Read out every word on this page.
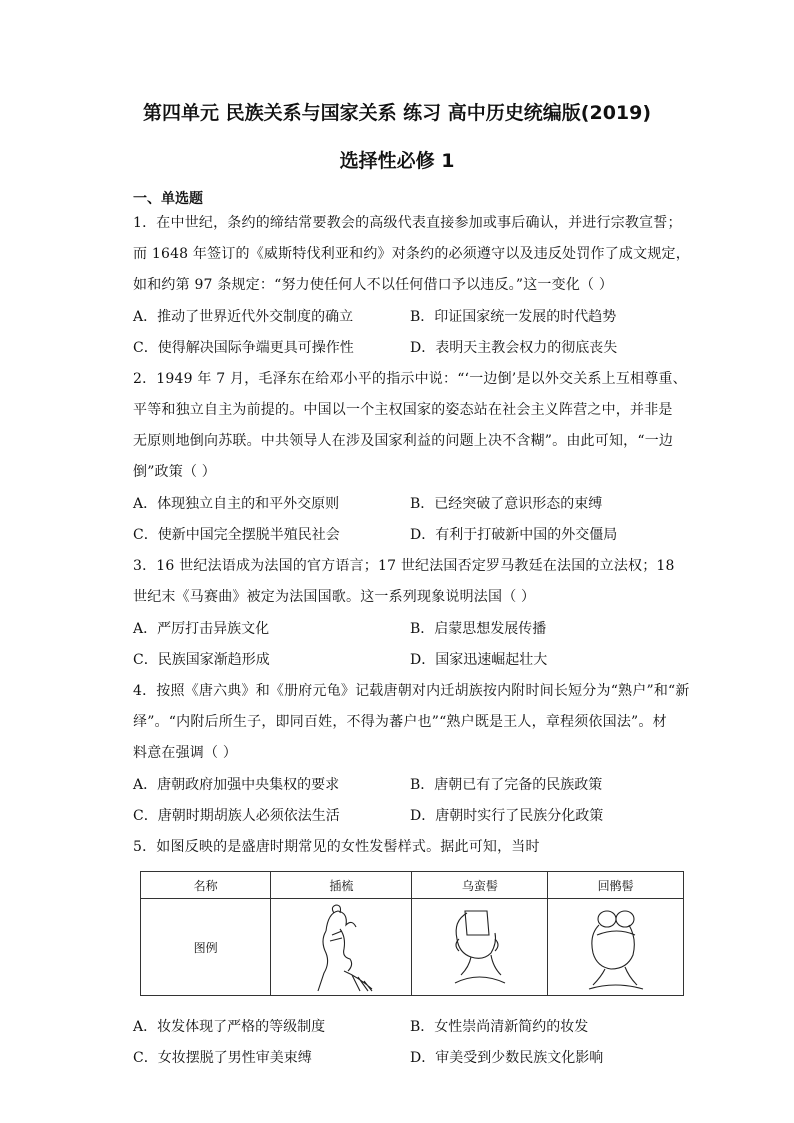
第四单元 民族关系与国家关系 练习 高中历史统编版(2019)
选择性必修 1
一、单选题
1．在中世纪，条约的缔结常要教会的高级代表直接参加或事后确认，并进行宗教宣誓；
而 1648 年签订的《威斯特伐利亚和约》对条约的必须遵守以及违反处罚作了成文规定，
如和约第 97 条规定：“努力使任何人不以任何借口予以违反。”这一变化（ ）
A．推动了世界近代外交制度的确立	B．印证国家统一发展的时代趋势
C．使得解决国际争端更具可操作性	D．表明天主教会权力的彻底丧失
2．1949 年 7 月，毛泽东在给邓小平的指示中说：“‘一边倒’是以外交关系上互相尊重、
平等和独立自主为前提的。中国以一个主权国家的姿态站在社会主义阵营之中，并非是
无原则地倒向苏联。中共领导人在涉及国家利益的问题上决不含糊”。由此可知，“一边
倒”政策（ ）
A．体现独立自主的和平外交原则	B．已经突破了意识形态的束缚
C．使新中国完全摆脱半殖民社会	D．有利于打破新中国的外交僵局
3．16 世纪法语成为法国的官方语言；17 世纪法国否定罗马教廷在法国的立法权；18
世纪末《马赛曲》被定为法国国歌。这一系列现象说明法国（ ）
A．严厉打击异族文化	B．启蒙思想发展传播
C．民族国家渐趋形成	D．国家迅速崛起壮大
4．按照《唐六典》和《册府元龟》记载唐朝对内迁胡族按内附时间长短分为“熟户”和“新
绎”。“内附后所生子，即同百姓，不得为蕃户也”“熟户既是王人，章程须依国法”。材
料意在强调（ ）
A．唐朝政府加强中央集权的要求	B．唐朝已有了完备的民族政策
C．唐朝时期胡族人必须依法生活	D．唐朝时实行了民族分化政策
5．如图反映的是盛唐时期常见的女性发髻样式。据此可知，当时
名称	插梳	乌蛮髻	回鹘髻
图例	

A．妆发体现了严格的等级制度	B．女性崇尚清新简约的妆发
C．女妆摆脱了男性审美束缚	D．审美受到少数民族文化影响
